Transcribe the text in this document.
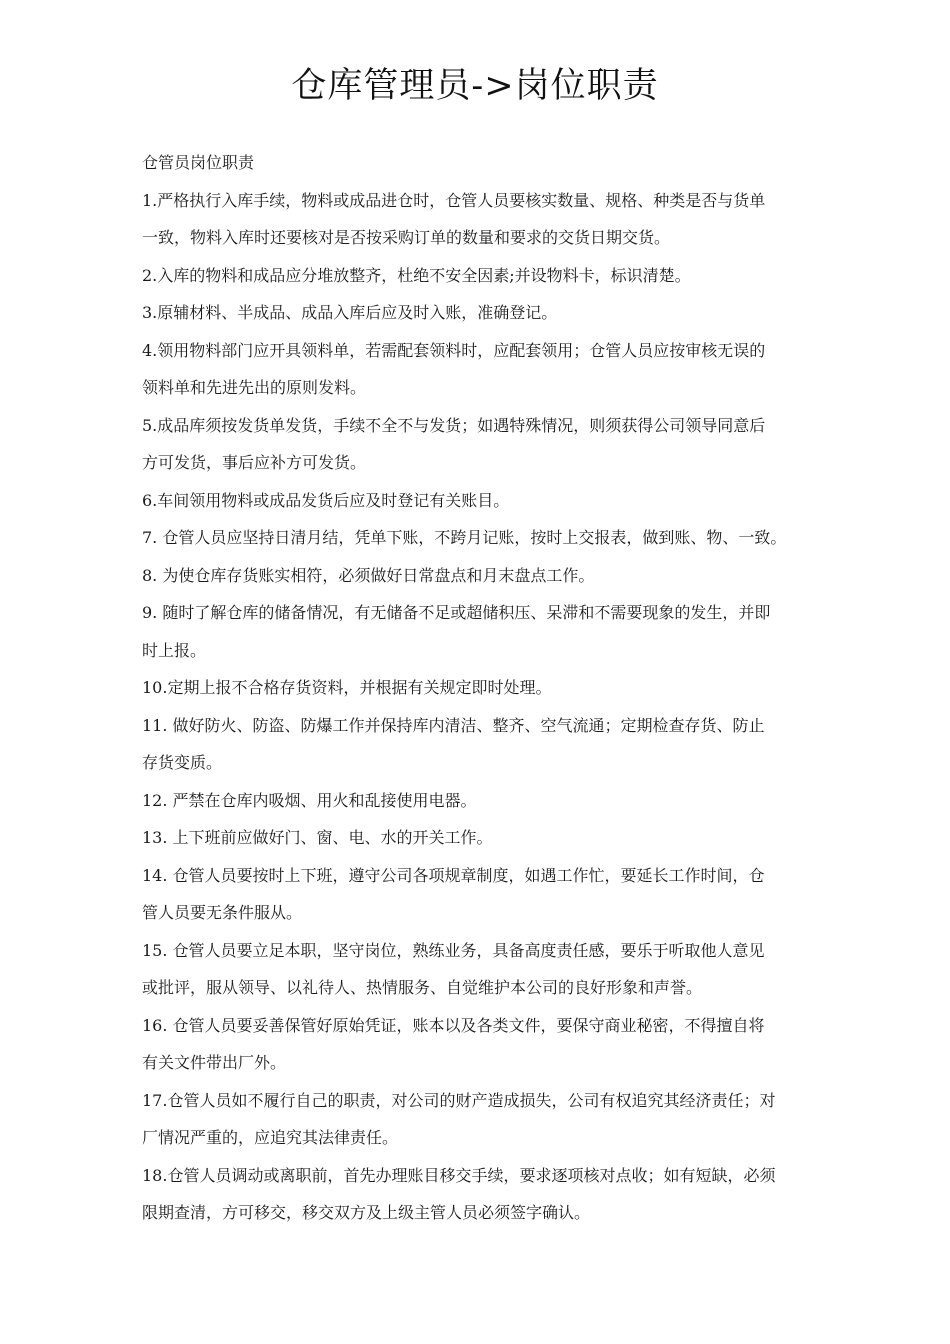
仓库管理员->岗位职责

仓管员岗位职责

1.严格执行入库手续，物料或成品进仓时，仓管人员要核实数量、规格、种类是否与货单
一致，物料入库时还要核对是否按采购订单的数量和要求的交货日期交货。

2.入库的物料和成品应分堆放整齐，杜绝不安全因素;并设物料卡，标识清楚。

3.原辅材料、半成品、成品入库后应及时入账，准确登记。

4.领用物料部门应开具领料单，若需配套领料时，应配套领用；仓管人员应按审核无误的
领料单和先进先出的原则发料。

5.成品库须按发货单发货，手续不全不与发货；如遇特殊情况，则须获得公司领导同意后
方可发货，事后应补方可发货。

6.车间领用物料或成品发货后应及时登记有关账目。

7. 仓管人员应坚持日清月结，凭单下账，不跨月记账，按时上交报表，做到账、物、一致。

8. 为使仓库存货账实相符，必须做好日常盘点和月末盘点工作。

9. 随时了解仓库的储备情况，有无储备不足或超储积压、呆滞和不需要现象的发生，并即
时上报。

10.定期上报不合格存货资料，并根据有关规定即时处理。

11. 做好防火、防盗、防爆工作并保持库内清洁、整齐、空气流通；定期检查存货、防止
存货变质。

12. 严禁在仓库内吸烟、用火和乱接使用电器。

13. 上下班前应做好门、窗、电、水的开关工作。

14. 仓管人员要按时上下班，遵守公司各项规章制度，如遇工作忙，要延长工作时间，仓
管人员要无条件服从。

15. 仓管人员要立足本职，坚守岗位，熟练业务，具备高度责任感，要乐于听取他人意见
或批评，服从领导、以礼待人、热情服务、自觉维护本公司的良好形象和声誉。

16. 仓管人员要妥善保管好原始凭证，账本以及各类文件，要保守商业秘密，不得擅自将
有关文件带出厂外。

17.仓管人员如不履行自己的职责，对公司的财产造成损失，公司有权追究其经济责任；对
厂情况严重的，应追究其法律责任。

18.仓管人员调动或离职前，首先办理账目移交手续，要求逐项核对点收；如有短缺，必须
限期查清，方可移交，移交双方及上级主管人员必须签字确认。
